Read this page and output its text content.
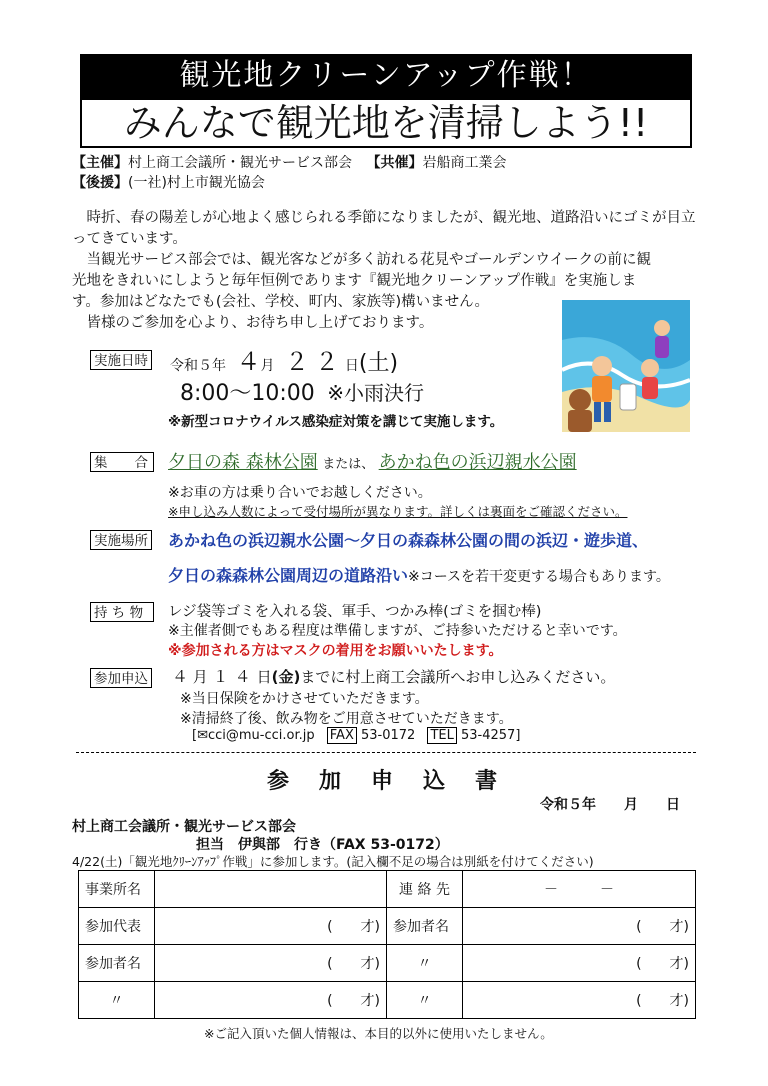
観光地クリーンアップ作戦！
みんなで観光地を清掃しよう!!
【主催】村上商工会議所・観光サービス部会 【共催】岩船商工業会
【後援】(一社)村上市観光協会
時折、春の陽差しが心地よく感じられる季節になりましたが、観光地、道路沿いにゴミが目立ってきています。
当観光サービス部会では、観光客などが多く訪れる花見やゴールデンウイークの前に観
光地をきれいにしようと毎年恒例であります『観光地クリーンアップ作戦』を実施しま
す。参加はどなたでも(会社、学校、町内、家族等)構いません。
皆様のご参加を心より、お待ち申し上げております。
実施日時 令和５年 ４月 ２２日(土)
8:00～10:00 ※小雨決行
※新型コロナウイルス感染症対策を講じて実施します。
集　　合	夕日の森 森林公園 または、 あかね色の浜辺親水公園
※お車の方は乗り合いでお越しください。
※申し込み人数によって受付場所が異なります。詳しくは裏面をご確認ください。
実施場所 あかね色の浜辺親水公園～夕日の森森林公園の間の浜辺・遊歩道、
夕日の森森林公園周辺の道路沿い※コースを若干変更する場合もあります。
持 ち 物	レジ袋等ゴミを入れる袋、軍手、つかみ棒(ゴミを掴む棒)
※主催者側でもある程度は準備しますが、ご持参いただけると幸いです。
※参加される方はマスクの着用をお願いいたします。
参加申込 ４ 月 １４日(金)までに村上商工会議所へお申し込みください。
※当日保険をかけさせていただきます。
※清掃終了後、飲み物をご用意させていただきます。
[✉cci@mu-cci.or.jp FAX 53-0172 TEL 53-4257]
参　加　申　込　書
令和５年　　月　　日
村上商工会議所・観光サービス部会
担当　伊與部　行き（FAX 53-0172）
4/22(土)「観光地ｸﾘｰﾝｱｯﾌﾟ作戦」に参加します。(記入欄不足の場合は別紙を付けてください)
事業所名		連 絡 先	－　　　－
参加代表	(　　才)	参加者名	(　　才)
参加者名	(　　才)	〃	(　　才)
〃	(　　才)	〃	(　　才)
※ご記入頂いた個人情報は、本目的以外に使用いたしません。
